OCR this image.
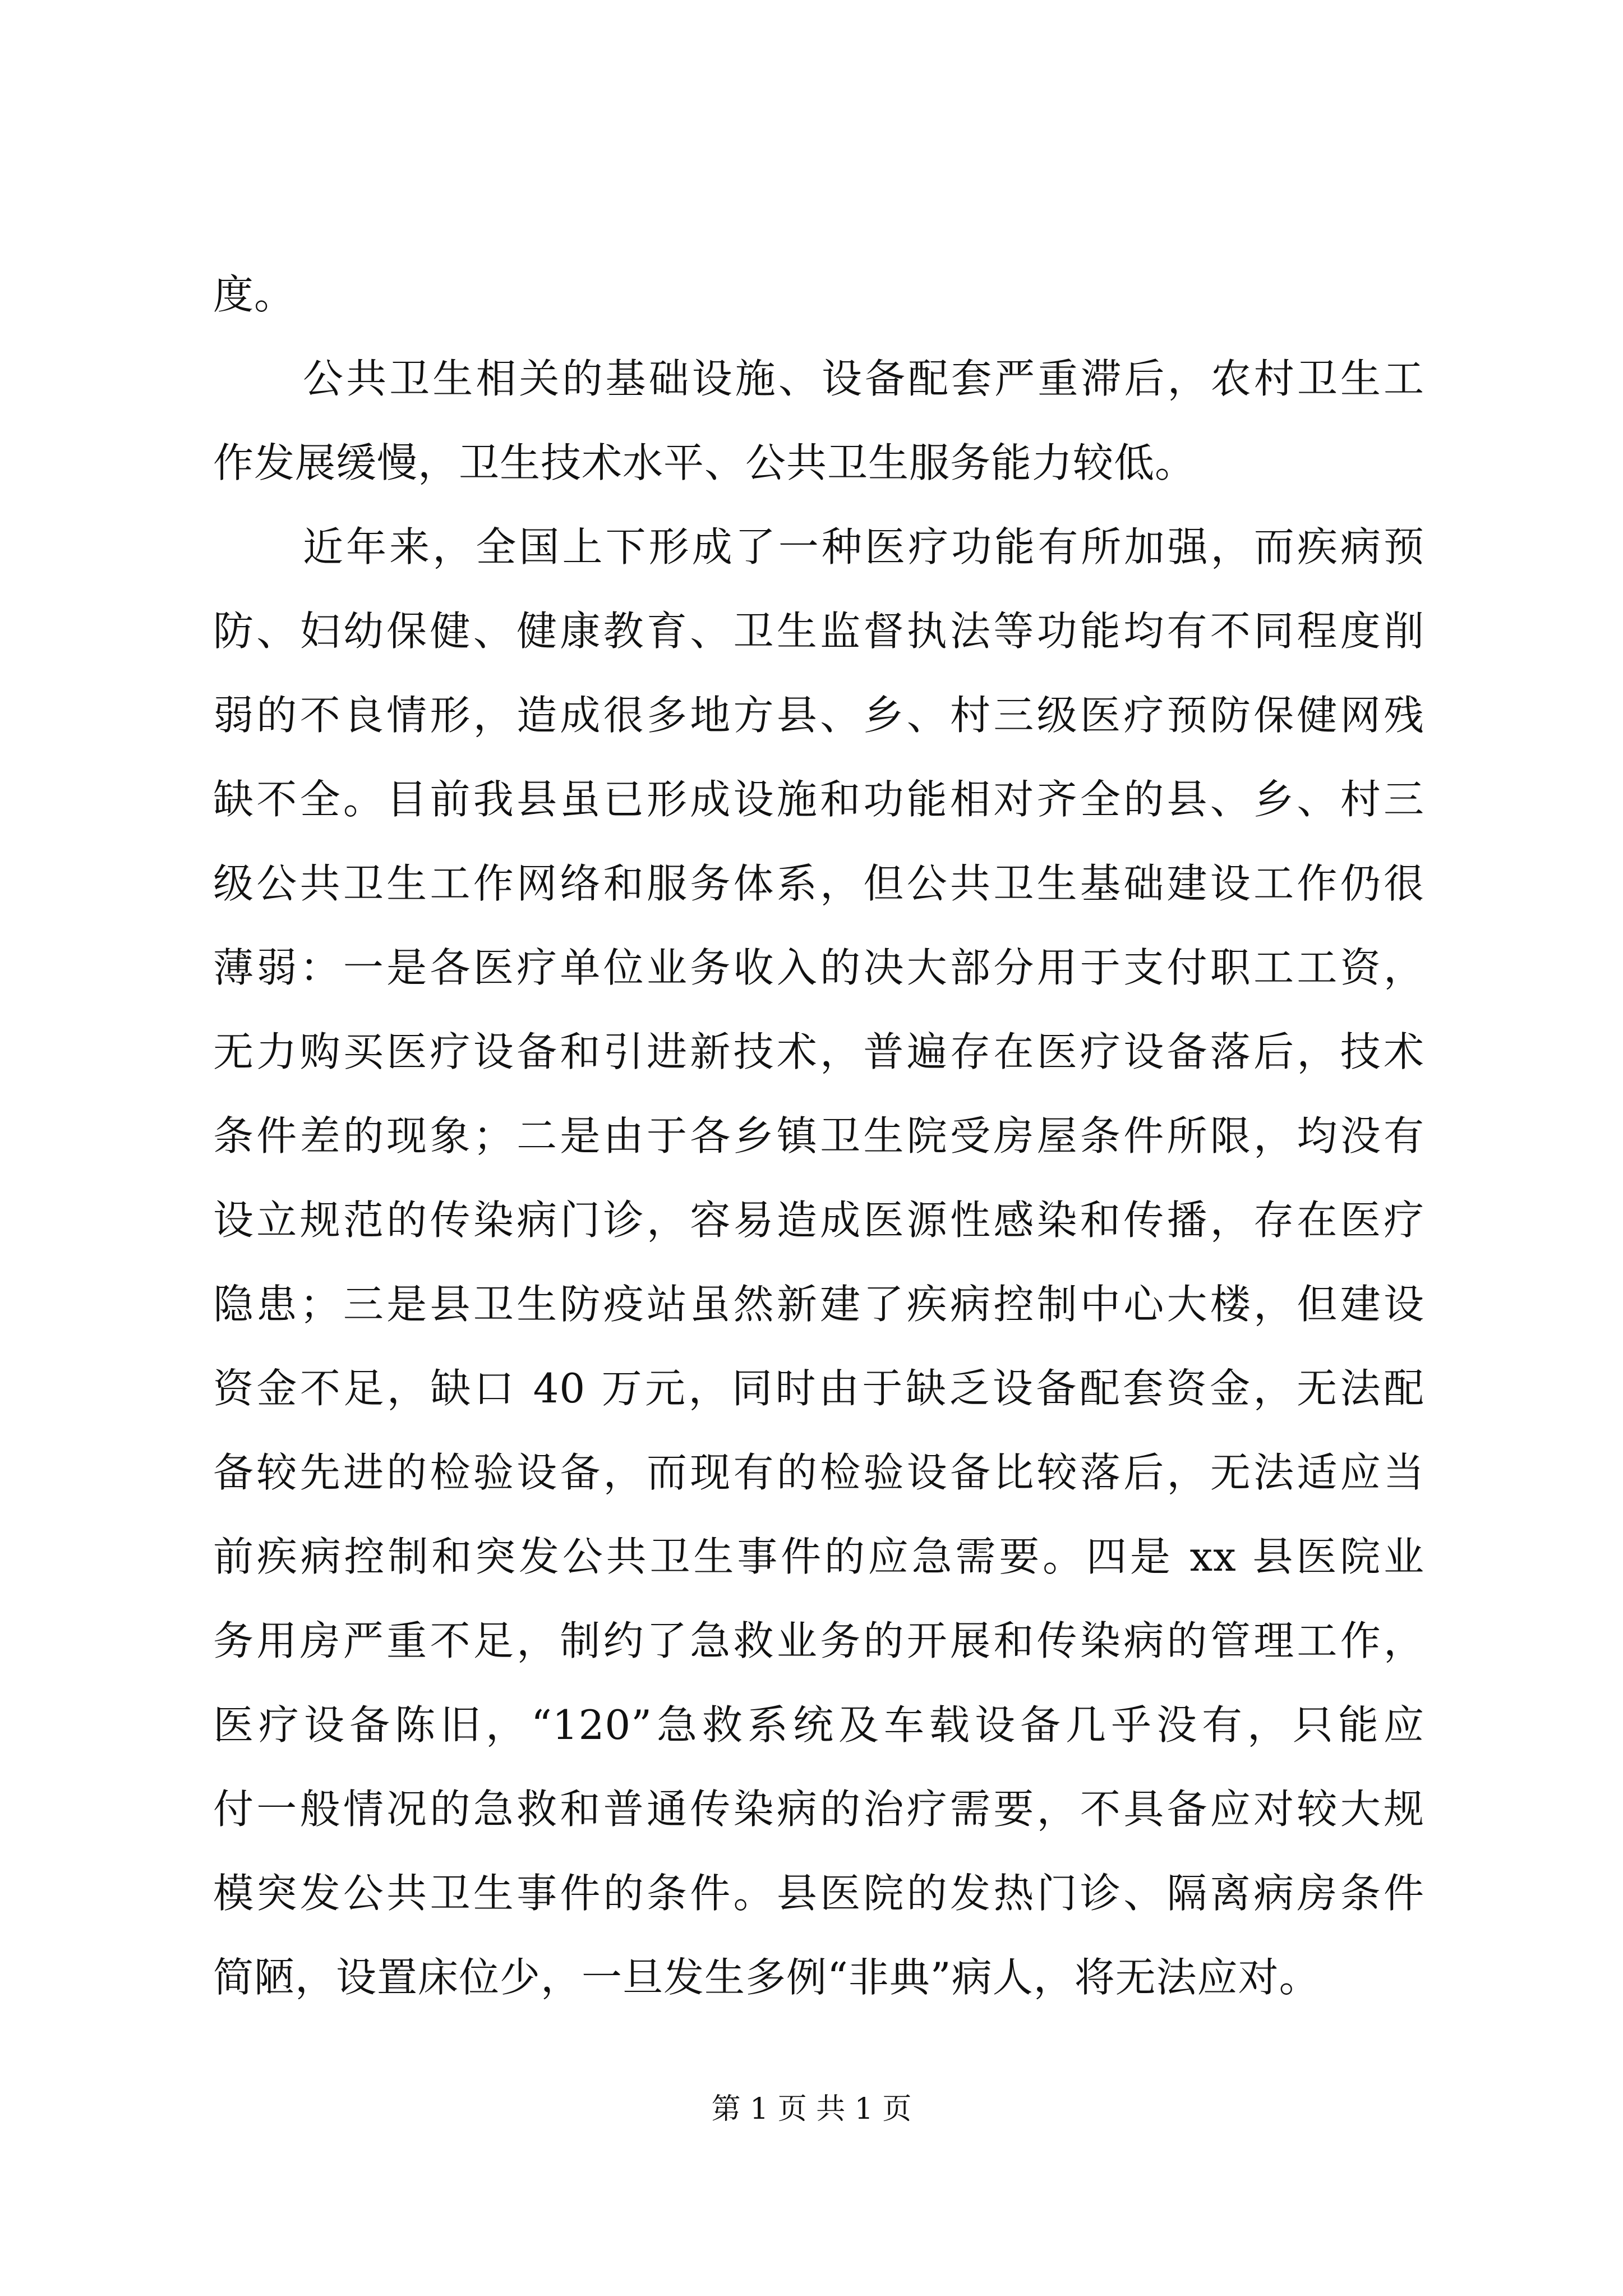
度。
公共卫生相关的基础设施、设备配套严重滞后，农村卫生工
作发展缓慢，卫生技术水平、公共卫生服务能力较低。
近年来，全国上下形成了一种医疗功能有所加强，而疾病预
防、妇幼保健、健康教育、卫生监督执法等功能均有不同程度削
弱的不良情形，造成很多地方县、乡、村三级医疗预防保健网残
缺不全。目前我县虽已形成设施和功能相对齐全的县、乡、村三
级公共卫生工作网络和服务体系，但公共卫生基础建设工作仍很
薄弱：一是各医疗单位业务收入的决大部分用于支付职工工资，
无力购买医疗设备和引进新技术，普遍存在医疗设备落后，技术
条件差的现象；二是由于各乡镇卫生院受房屋条件所限，均没有
设立规范的传染病门诊，容易造成医源性感染和传播，存在医疗
隐患；三是县卫生防疫站虽然新建了疾病控制中心大楼，但建设
资金不足，缺口 40 万元，同时由于缺乏设备配套资金，无法配
备较先进的检验设备，而现有的检验设备比较落后，无法适应当
前疾病控制和突发公共卫生事件的应急需要。四是 xx 县医院业
务用房严重不足，制约了急救业务的开展和传染病的管理工作，
医疗设备陈旧，“120”急救系统及车载设备几乎没有，只能应
付一般情况的急救和普通传染病的治疗需要，不具备应对较大规
模突发公共卫生事件的条件。县医院的发热门诊、隔离病房条件
简陋，设置床位少，一旦发生多例“非典”病人，将无法应对。
第 1 页 共 1 页
